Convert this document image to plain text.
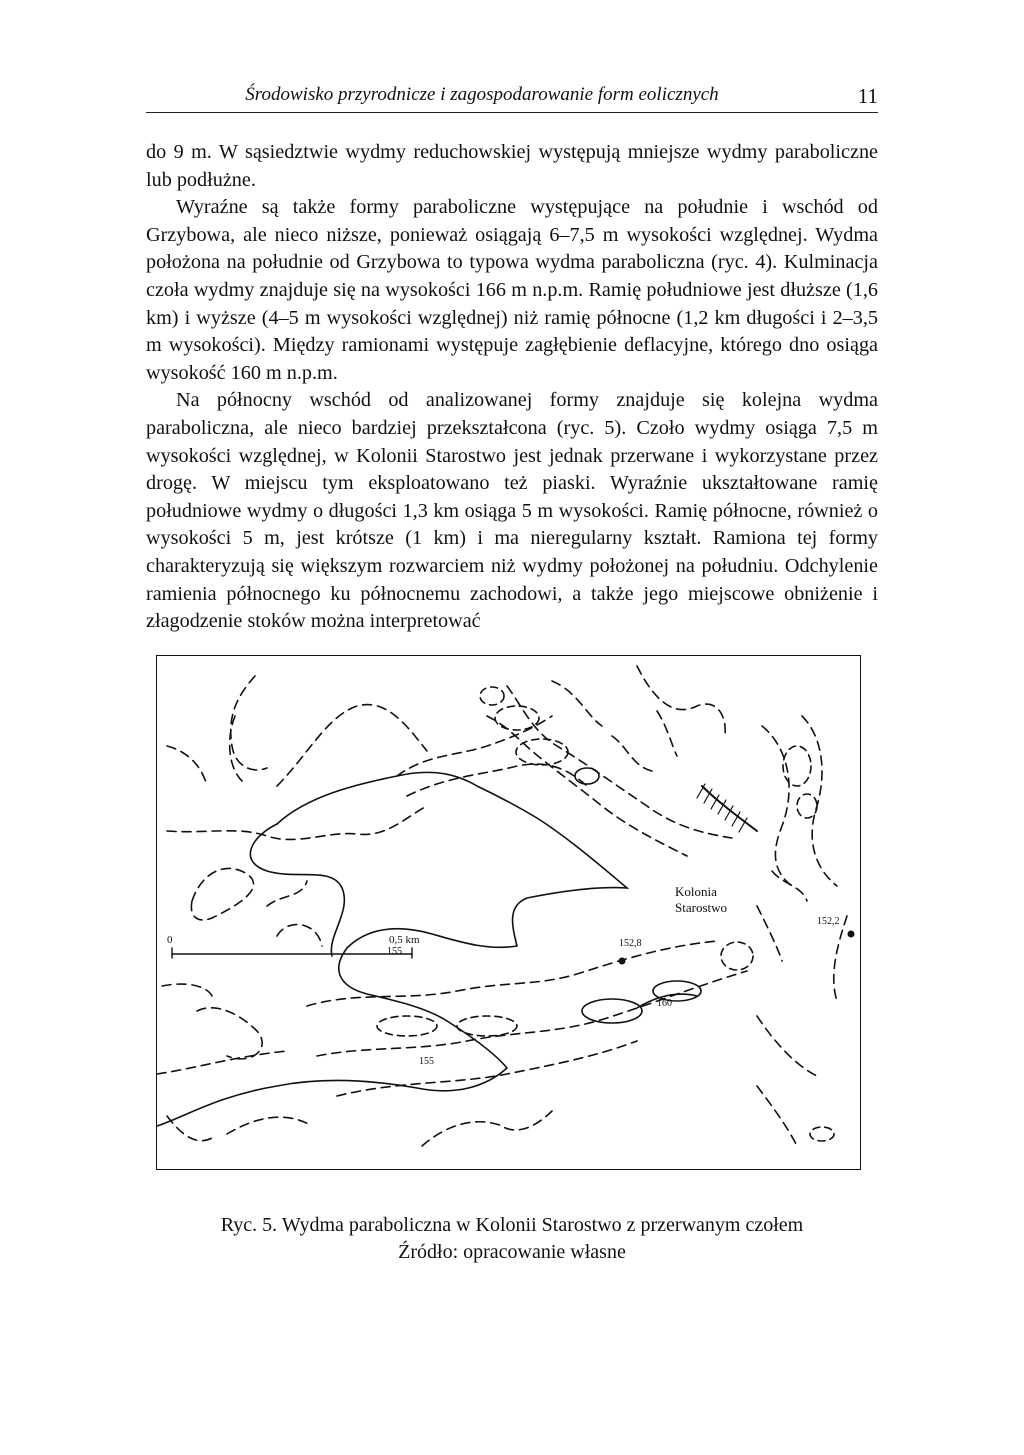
Środowisko przyrodnicze i zagospodarowanie form eolicznych	11

do 9 m. W sąsiedztwie wydmy reduchowskiej występują mniejsze wydmy paraboliczne lub podłużne.

Wyraźne są także formy paraboliczne występujące na południe i wschód od Grzybowa, ale nieco niższe, ponieważ osiągają 6–7,5 m wysokości względnej. Wydma położona na południe od Grzybowa to typowa wydma paraboliczna (ryc. 4). Kulminacja czoła wydmy znajduje się na wysokości 166 m n.p.m. Ramię południowe jest dłuższe (1,6 km) i wyższe (4–5 m wysokości względnej) niż ramię północne (1,2 km długości i 2–3,5 m wysokości). Między ramionami występuje zagłębienie deflacyjne, którego dno osiąga wysokość 160 m n.p.m.

Na północny wschód od analizowanej formy znajduje się kolejna wydma paraboliczna, ale nieco bardziej przekształcona (ryc. 5). Czoło wydmy osiąga 7,5 m wysokości względnej, w Kolonii Starostwo jest jednak przerwane i wykorzystane przez drogę. W miejscu tym eksploatowano też piaski. Wyraźnie ukształtowane ramię południowe wydmy o długości 1,3 km osiąga 5 m wysokości. Ramię północne, również o wysokości 5 m, jest krótsze (1 km) i ma nieregularny kształt. Ramiona tej formy charakteryzują się większym rozwarciem niż wydmy położonej na południu. Odchylenie ramienia północnego ku północnemu zachodowi, a także jego miejscowe obniżenie i złagodzenie stoków można interpretować

Kolonia
Starostwo
155
155
160
152,2
152,8
0	0,5 km
Ryc. 5. Wydma paraboliczna w Kolonii Starostwo z przerwanym czołem
Źródło: opracowanie własne
